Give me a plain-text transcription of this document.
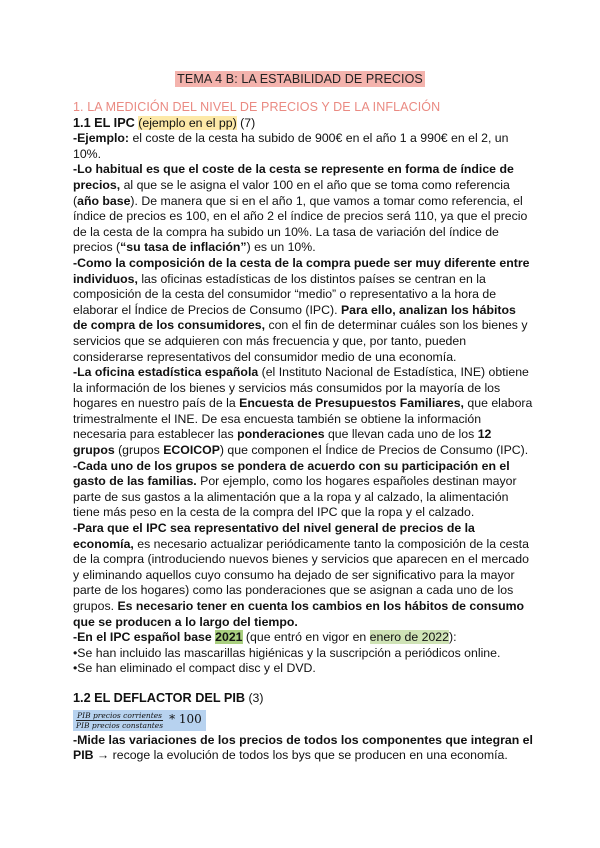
TEMA 4 B: LA ESTABILIDAD DE PRECIOS

1. LA MEDICIÓN DEL NIVEL DE PRECIOS Y DE LA INFLACIÓN

1.1 EL IPC (ejemplo en el pp) (7)

-Ejemplo: el coste de la cesta ha subido de 900€ en el año 1 a 990€ en el 2, un 10%.

-Lo habitual es que el coste de la cesta se represente en forma de índice de precios, al que se le asigna el valor 100 en el año que se toma como referencia (año base). De manera que si en el año 1, que vamos a tomar como referencia, el índice de precios es 100, en el año 2 el índice de precios será 110, ya que el precio de la cesta de la compra ha subido un 10%. La tasa de variación del índice de precios (“su tasa de inflación”) es un 10%.

-Como la composición de la cesta de la compra puede ser muy diferente entre individuos, las oficinas estadísticas de los distintos países se centran en la composición de la cesta del consumidor “medio” o representativo a la hora de elaborar el Índice de Precios de Consumo (IPC). Para ello, analizan los hábitos de compra de los consumidores, con el fin de determinar cuáles son los bienes y servicios que se adquieren con más frecuencia y que, por tanto, pueden considerarse representativos del consumidor medio de una economía.

-La oficina estadística española (el Instituto Nacional de Estadística, INE) obtiene la información de los bienes y servicios más consumidos por la mayoría de los hogares en nuestro país de la Encuesta de Presupuestos Familiares, que elabora trimestralmente el INE. De esa encuesta también se obtiene la información necesaria para establecer las ponderaciones que llevan cada uno de los 12 grupos (grupos ECOICOP) que componen el Índice de Precios de Consumo (IPC).

-Cada uno de los grupos se pondera de acuerdo con su participación en el gasto de las familias. Por ejemplo, como los hogares españoles destinan mayor parte de sus gastos a la alimentación que a la ropa y al calzado, la alimentación tiene más peso en la cesta de la compra del IPC que la ropa y el calzado.

-Para que el IPC sea representativo del nivel general de precios de la economía, es necesario actualizar periódicamente tanto la composición de la cesta de la compra (introduciendo nuevos bienes y servicios que aparecen en el mercado y eliminando aquellos cuyo consumo ha dejado de ser significativo para la mayor parte de los hogares) como las ponderaciones que se asignan a cada uno de los grupos. Es necesario tener en cuenta los cambios en los hábitos de consumo que se producen a lo largo del tiempo.

-En el IPC español base 2021 (que entró en vigor en enero de 2022):

•Se han incluido las mascarillas higiénicas y la suscripción a periódicos online.

•Se han eliminado el compact disc y el DVD.

1.2 EL DEFLACTOR DEL PIB (3)

$\frac{\text{PIB precios corrientes}}{\text{PIB precios constantes}} * 100$

-Mide las variaciones de los precios de todos los componentes que integran el PIB → recoge la evolución de todos los bys que se producen en una economía.
